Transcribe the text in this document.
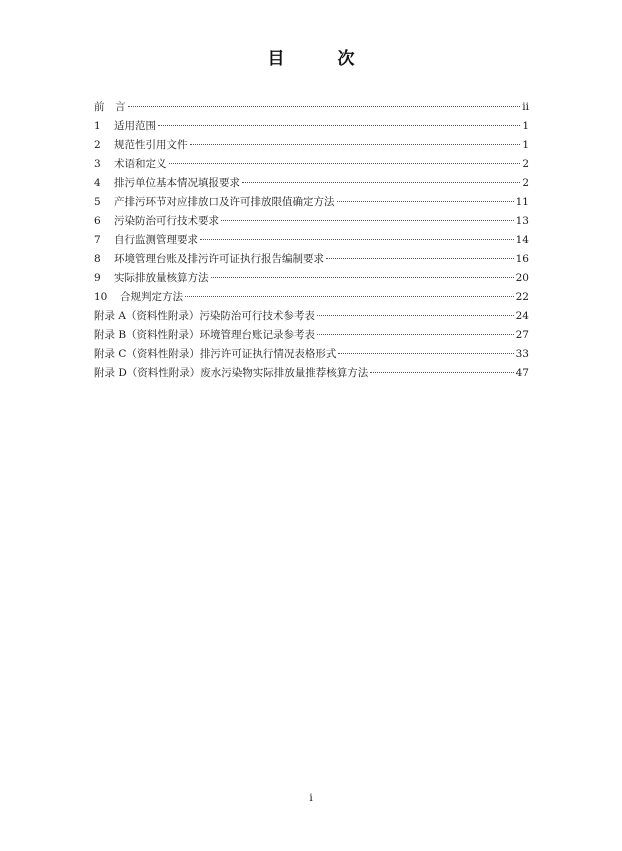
目　次
前　言	ii
1	适用范围	1
2	规范性引用文件	1
3	术语和定义	2
4	排污单位基本情况填报要求	2
5	产排污环节对应排放口及许可排放限值确定方法	11
6	污染防治可行技术要求	13
7	自行监测管理要求	14
8	环境管理台账及排污许可证执行报告编制要求	16
9	实际排放量核算方法	20
10	合规判定方法	22
附录 A（资料性附录）污染防治可行技术参考表	24
附录 B（资料性附录）环境管理台账记录参考表	27
附录 C（资料性附录）排污许可证执行情况表格形式	33
附录 D（资料性附录）废水污染物实际排放量推荐核算方法	47
i
